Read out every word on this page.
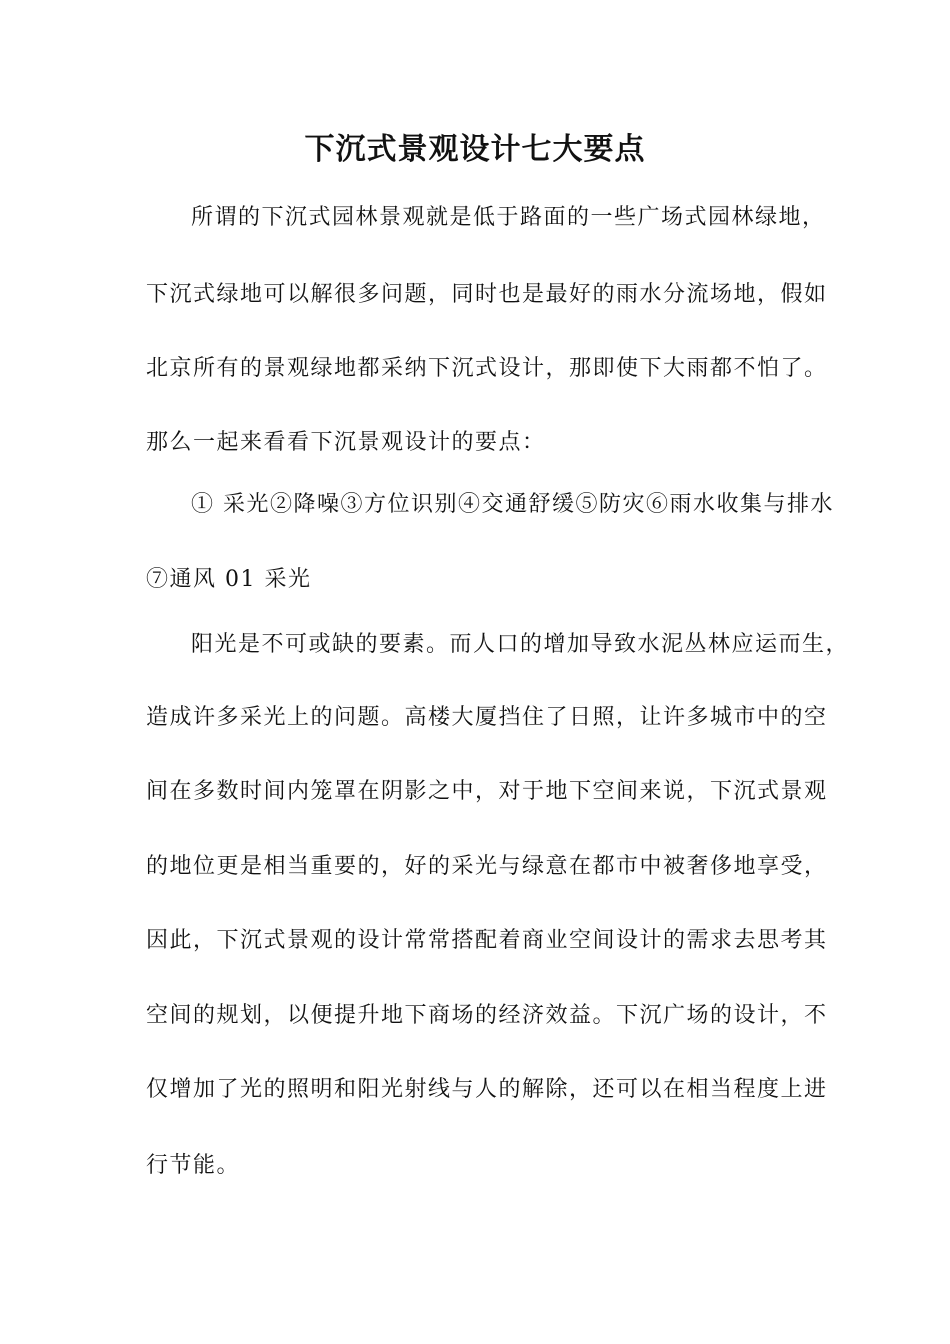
下沉式景观设计七大要点

所谓的下沉式园林景观就是低于路面的一些广场式园林绿地，

下沉式绿地可以解很多问题，同时也是最好的雨水分流场地，假如

北京所有的景观绿地都采纳下沉式设计，那即使下大雨都不怕了。

那么一起来看看下沉景观设计的要点：

① 采光②降噪③方位识别④交通舒缓⑤防灾⑥雨水收集与排水

⑦通风 01 采光

阳光是不可或缺的要素。而人口的增加导致水泥丛林应运而生，

造成许多采光上的问题。高楼大厦挡住了日照，让许多城市中的空

间在多数时间内笼罩在阴影之中，对于地下空间来说，下沉式景观

的地位更是相当重要的，好的采光与绿意在都市中被奢侈地享受，

因此，下沉式景观的设计常常搭配着商业空间设计的需求去思考其

空间的规划，以便提升地下商场的经济效益。下沉广场的设计，不

仅增加了光的照明和阳光射线与人的解除，还可以在相当程度上进

行节能。
